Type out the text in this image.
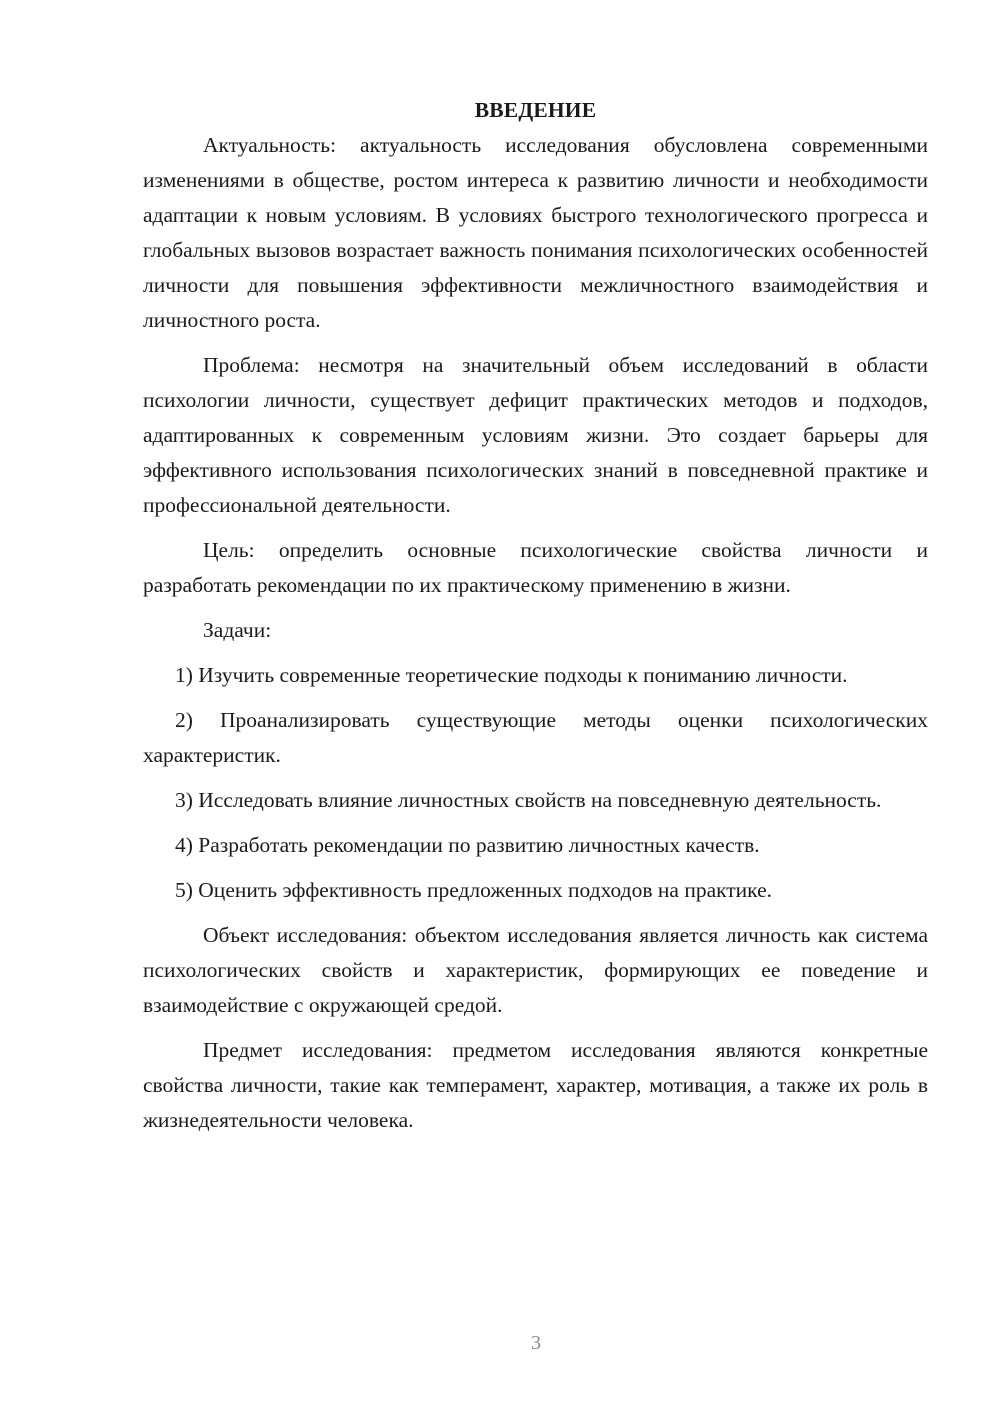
ВВЕДЕНИЕ

Актуальность: актуальность исследования обусловлена современными изменениями в обществе, ростом интереса к развитию личности и необходимости адаптации к новым условиям. В условиях быстрого технологического прогресса и глобальных вызовов возрастает важность понимания психологических особенностей личности для повышения эффективности межличностного взаимодействия и личностного роста.

Проблема: несмотря на значительный объем исследований в области психологии личности, существует дефицит практических методов и подходов, адаптированных к современным условиям жизни. Это создает барьеры для эффективного использования психологических знаний в повседневной практике и профессиональной деятельности.

Цель: определить основные психологические свойства личности и разработать рекомендации по их практическому применению в жизни.

Задачи:

1) Изучить современные теоретические подходы к пониманию личности.

2) Проанализировать существующие методы оценки психологических характеристик.

3) Исследовать влияние личностных свойств на повседневную деятельность.

4) Разработать рекомендации по развитию личностных качеств.

5) Оценить эффективность предложенных подходов на практике.

Объект исследования: объектом исследования является личность как система психологических свойств и характеристик, формирующих ее поведение и взаимодействие с окружающей средой.

Предмет исследования: предметом исследования являются конкретные свойства личности, такие как темперамент, характер, мотивация, а также их роль в жизнедеятельности человека.

3
